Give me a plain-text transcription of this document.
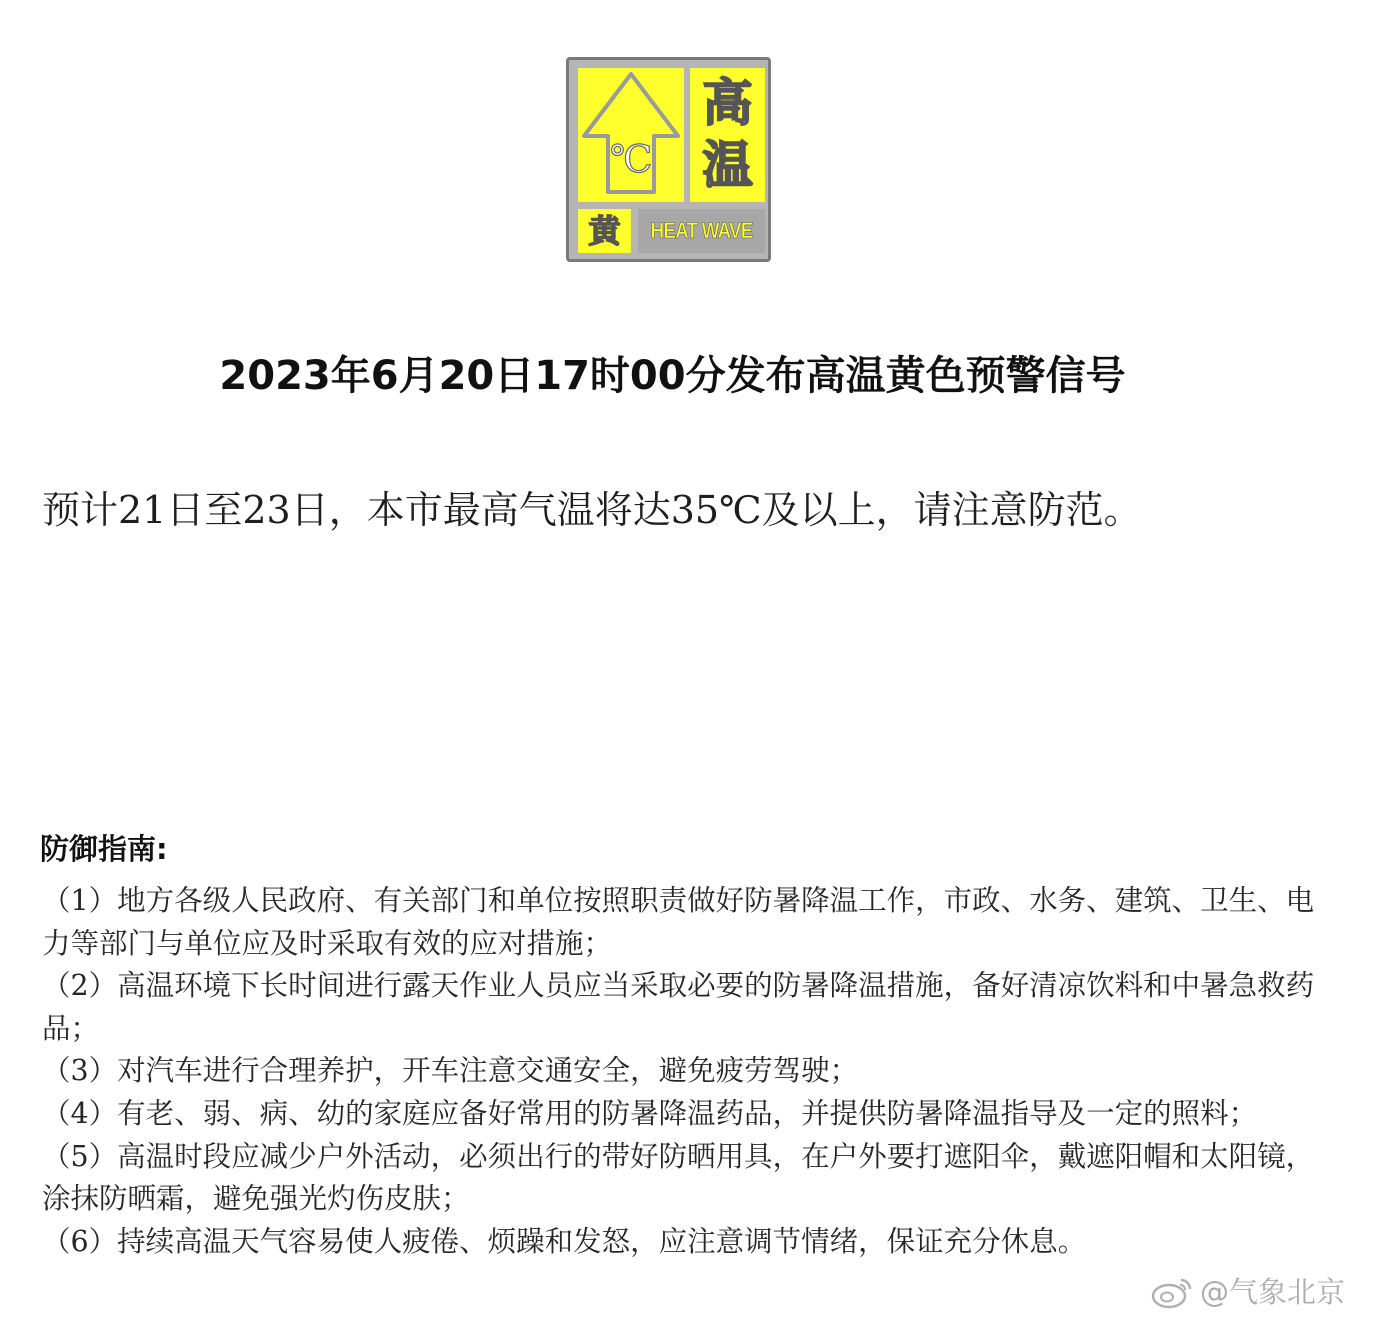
℃
高
温
黄	HEAT WAVE
2023年6月20日17时00分发布高温黄色预警信号
预计21日至23日，本市最高气温将达35℃及以上，请注意防范。
防御指南:
（1）地方各级人民政府、有关部门和单位按照职责做好防暑降温工作，市政、水务、建筑、卫生、电力等部门与单位应及时采取有效的应对措施；
（2）高温环境下长时间进行露天作业人员应当采取必要的防暑降温措施，备好清凉饮料和中暑急救药品；
（3）对汽车进行合理养护，开车注意交通安全，避免疲劳驾驶；
（4）有老、弱、病、幼的家庭应备好常用的防暑降温药品，并提供防暑降温指导及一定的照料；
（5）高温时段应减少户外活动，必须出行的带好防晒用具，在户外要打遮阳伞，戴遮阳帽和太阳镜，涂抹防晒霜，避免强光灼伤皮肤；
（6）持续高温天气容易使人疲倦、烦躁和发怒，应注意调节情绪，保证充分休息。
@气象北京
